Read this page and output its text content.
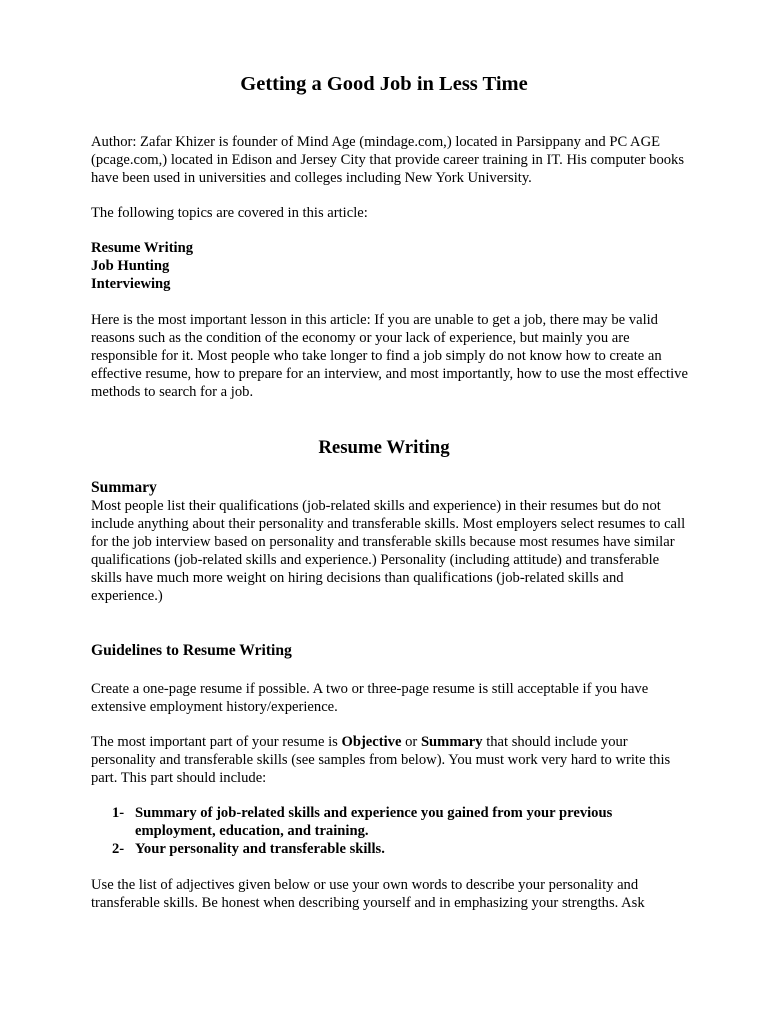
Getting a Good Job in Less Time

Author: Zafar Khizer is founder of Mind Age (mindage.com,) located in Parsippany and PC AGE (pcage.com,) located in Edison and Jersey City that provide career training in IT. His computer books have been used in universities and colleges including New York University.

The following topics are covered in this article:

Resume Writing
Job Hunting
Interviewing

Here is the most important lesson in this article: If you are unable to get a job, there may be valid reasons such as the condition of the economy or your lack of experience, but mainly you are responsible for it. Most people who take longer to find a job simply do not know how to create an effective resume, how to prepare for an interview, and most importantly, how to use the most effective methods to search for a job.

Resume Writing
Summary

Most people list their qualifications (job-related skills and experience) in their resumes but do not include anything about their personality and transferable skills. Most employers select resumes to call for the job interview based on personality and transferable skills because most resumes have similar qualifications (job-related skills and experience.) Personality (including attitude) and transferable skills have much more weight on hiring decisions than qualifications (job-related skills and experience.)

Guidelines to Resume Writing

Create a one-page resume if possible. A two or three-page resume is still acceptable if you have extensive employment history/experience.

The most important part of your resume is Objective or Summary that should include your personality and transferable skills (see samples from below). You must work very hard to write this part. This part should include:

1- Summary of job-related skills and experience you gained from your previous employment, education, and training.
2- Your personality and transferable skills.

Use the list of adjectives given below or use your own words to describe your personality and transferable skills. Be honest when describing yourself and in emphasizing your strengths. Ask
